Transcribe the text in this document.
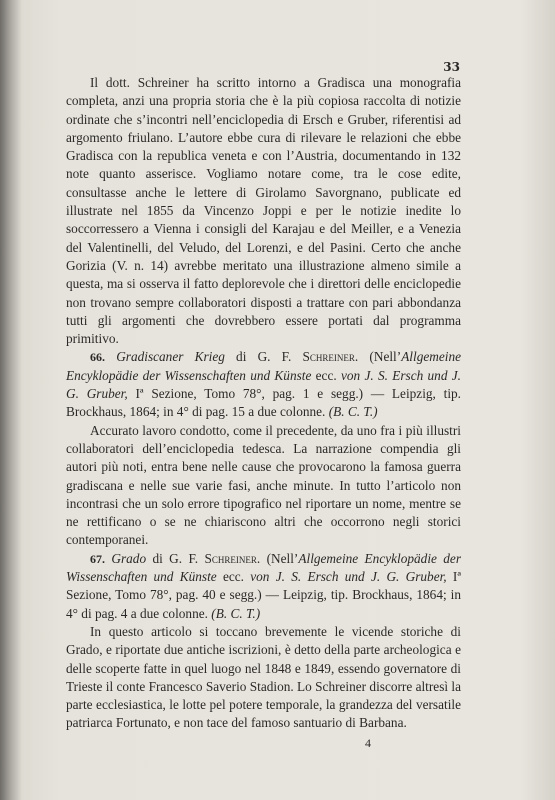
33

Il dott. Schreiner ha scritto intorno a Gradisca una monografia completa, anzi una propria storia che è la più copiosa raccolta di notizie ordinate che s’incontri nell’enciclopedia di Ersch e Gruber, riferentisi ad argomento friulano. L’autore ebbe cura di rilevare le relazioni che ebbe Gradisca con la republica veneta e con l’Austria, documentando in 132 note quanto asserisce. Vogliamo notare come, tra le cose edite, consultasse anche le lettere di Girolamo Savorgnano, publicate ed illustrate nel 1855 da Vincenzo Joppi e per le notizie inedite lo soccorressero a Vienna i consigli del Karajau e del Meiller, e a Venezia del Valentinelli, del Veludo, del Lorenzi, e del Pasini. Certo che anche Gorizia (V. n. 14) avrebbe meritato una illustrazione almeno simile a questa, ma si osserva il fatto deplorevole che i direttori delle enciclopedie non trovano sempre collaboratori disposti a trattare con pari abbondanza tutti gli argomenti che dovrebbero essere portati dal programma primitivo.

66. Gradiscaner Krieg di G. F. Schreiner. (Nell’Allgemeine Encyklopädie der Wissenschaften und Künste ecc. von J. S. Ersch und J. G. Gruber, Iª Sezione, Tomo 78°, pag. 1 e segg.) — Leipzig, tip. Brockhaus, 1864; in 4° di pag. 15 a due colonne. (B. C. T.)

Accurato lavoro condotto, come il precedente, da uno fra i più illustri collaboratori dell’enciclopedia tedesca. La narrazione compendia gli autori più noti, entra bene nelle cause che provocarono la famosa guerra gradiscana e nelle sue varie fasi, anche minute. In tutto l’articolo non incontrasi che un solo errore tipografico nel riportare un nome, mentre se ne rettificano o se ne chiariscono altri che occorrono negli storici contemporanei.

67. Grado di G. F. Schreiner. (Nell’Allgemeine Encyklopädie der Wissenschaften und Künste ecc. von J. S. Ersch und J. G. Gruber, Iª Sezione, Tomo 78°, pag. 40 e segg.) — Leipzig, tip. Brockhaus, 1864; in 4° di pag. 4 a due colonne. (B. C. T.)

In questo articolo si toccano brevemente le vicende storiche di Grado, e riportate due antiche iscrizioni, è detto della parte archeologica e delle scoperte fatte in quel luogo nel 1848 e 1849, essendo governatore di Trieste il conte Francesco Saverio Stadion. Lo Schreiner discorre altresì la parte ecclesiastica, le lotte pel potere temporale, la grandezza del versatile patriarca Fortunato, e non tace del famoso santuario di Barbana.

4
